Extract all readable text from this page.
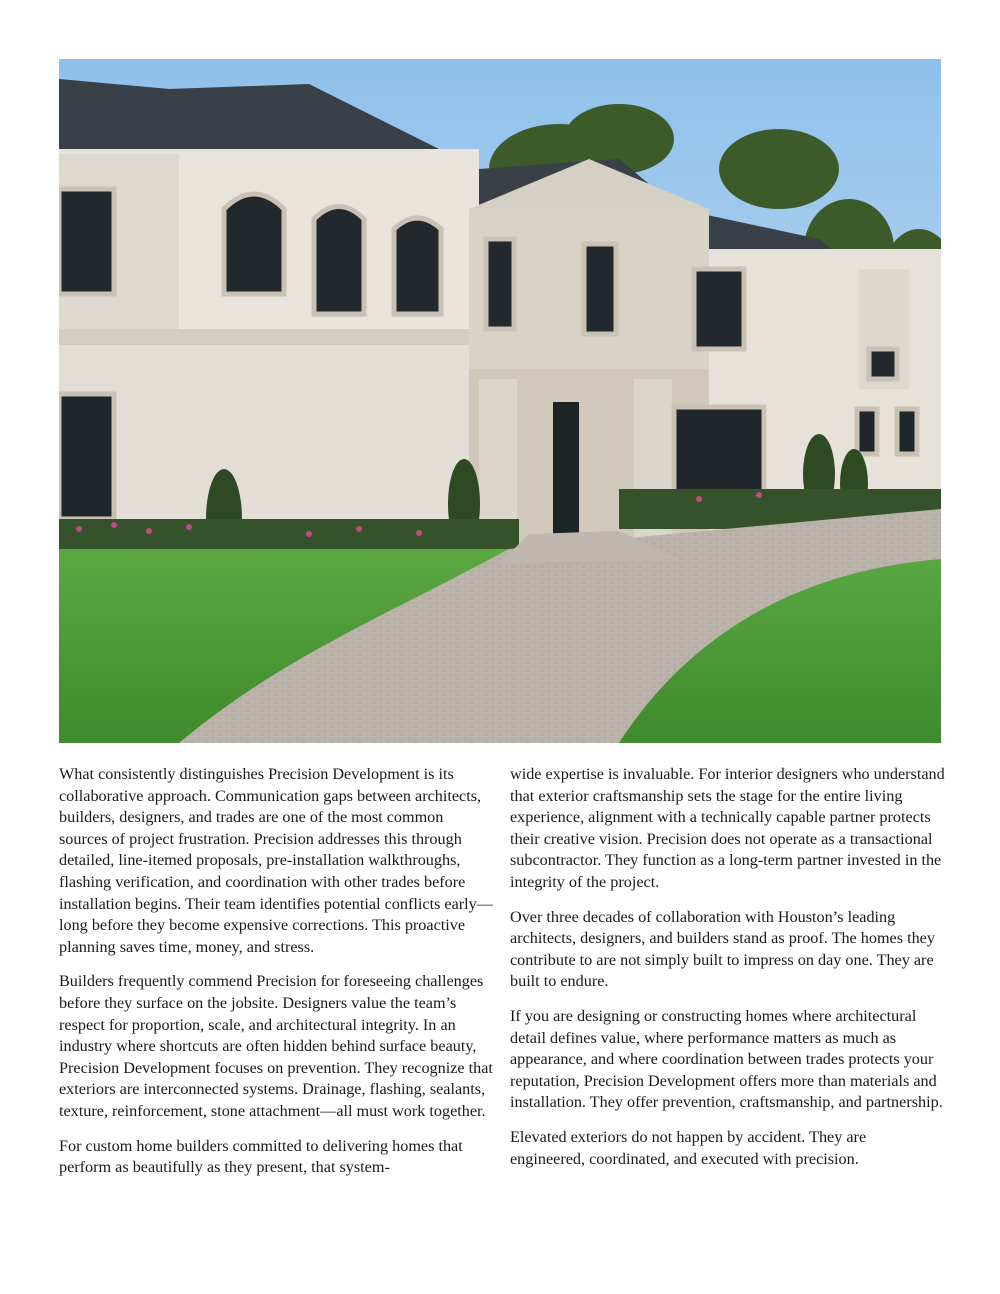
What consistently distinguishes Precision Development is its collaborative approach. Communication gaps between architects, builders, designers, and trades are one of the most common sources of project frustration. Precision addresses this through detailed, line-itemed proposals, pre-installation walkthroughs, flashing verification, and coordination with other trades before installation begins. Their team identifies potential conflicts early—long before they become expensive corrections. This proactive planning saves time, money, and stress.

Builders frequently commend Precision for foreseeing challenges before they surface on the jobsite. Designers value the team’s respect for proportion, scale, and architectural integrity. In an industry where shortcuts are often hidden behind surface beauty, Precision Development focuses on prevention. They recognize that exteriors are interconnected systems. Drainage, flashing, sealants, texture, reinforcement, stone attachment—all must work together.

For custom home builders committed to delivering homes that perform as beautifully as they present, that system-

wide expertise is invaluable. For interior designers who understand that exterior craftsmanship sets the stage for the entire living experience, alignment with a technically capable partner protects their creative vision. Precision does not operate as a transactional subcontractor. They function as a long-term partner invested in the integrity of the project.

Over three decades of collaboration with Houston’s leading architects, designers, and builders stand as proof. The homes they contribute to are not simply built to impress on day one. They are built to endure.

If you are designing or constructing homes where architectural detail defines value, where performance matters as much as appearance, and where coordination between trades protects your reputation, Precision Development offers more than materials and installation. They offer prevention, craftsmanship, and partnership.

Elevated exteriors do not happen by accident. They are engineered, coordinated, and executed with precision.
